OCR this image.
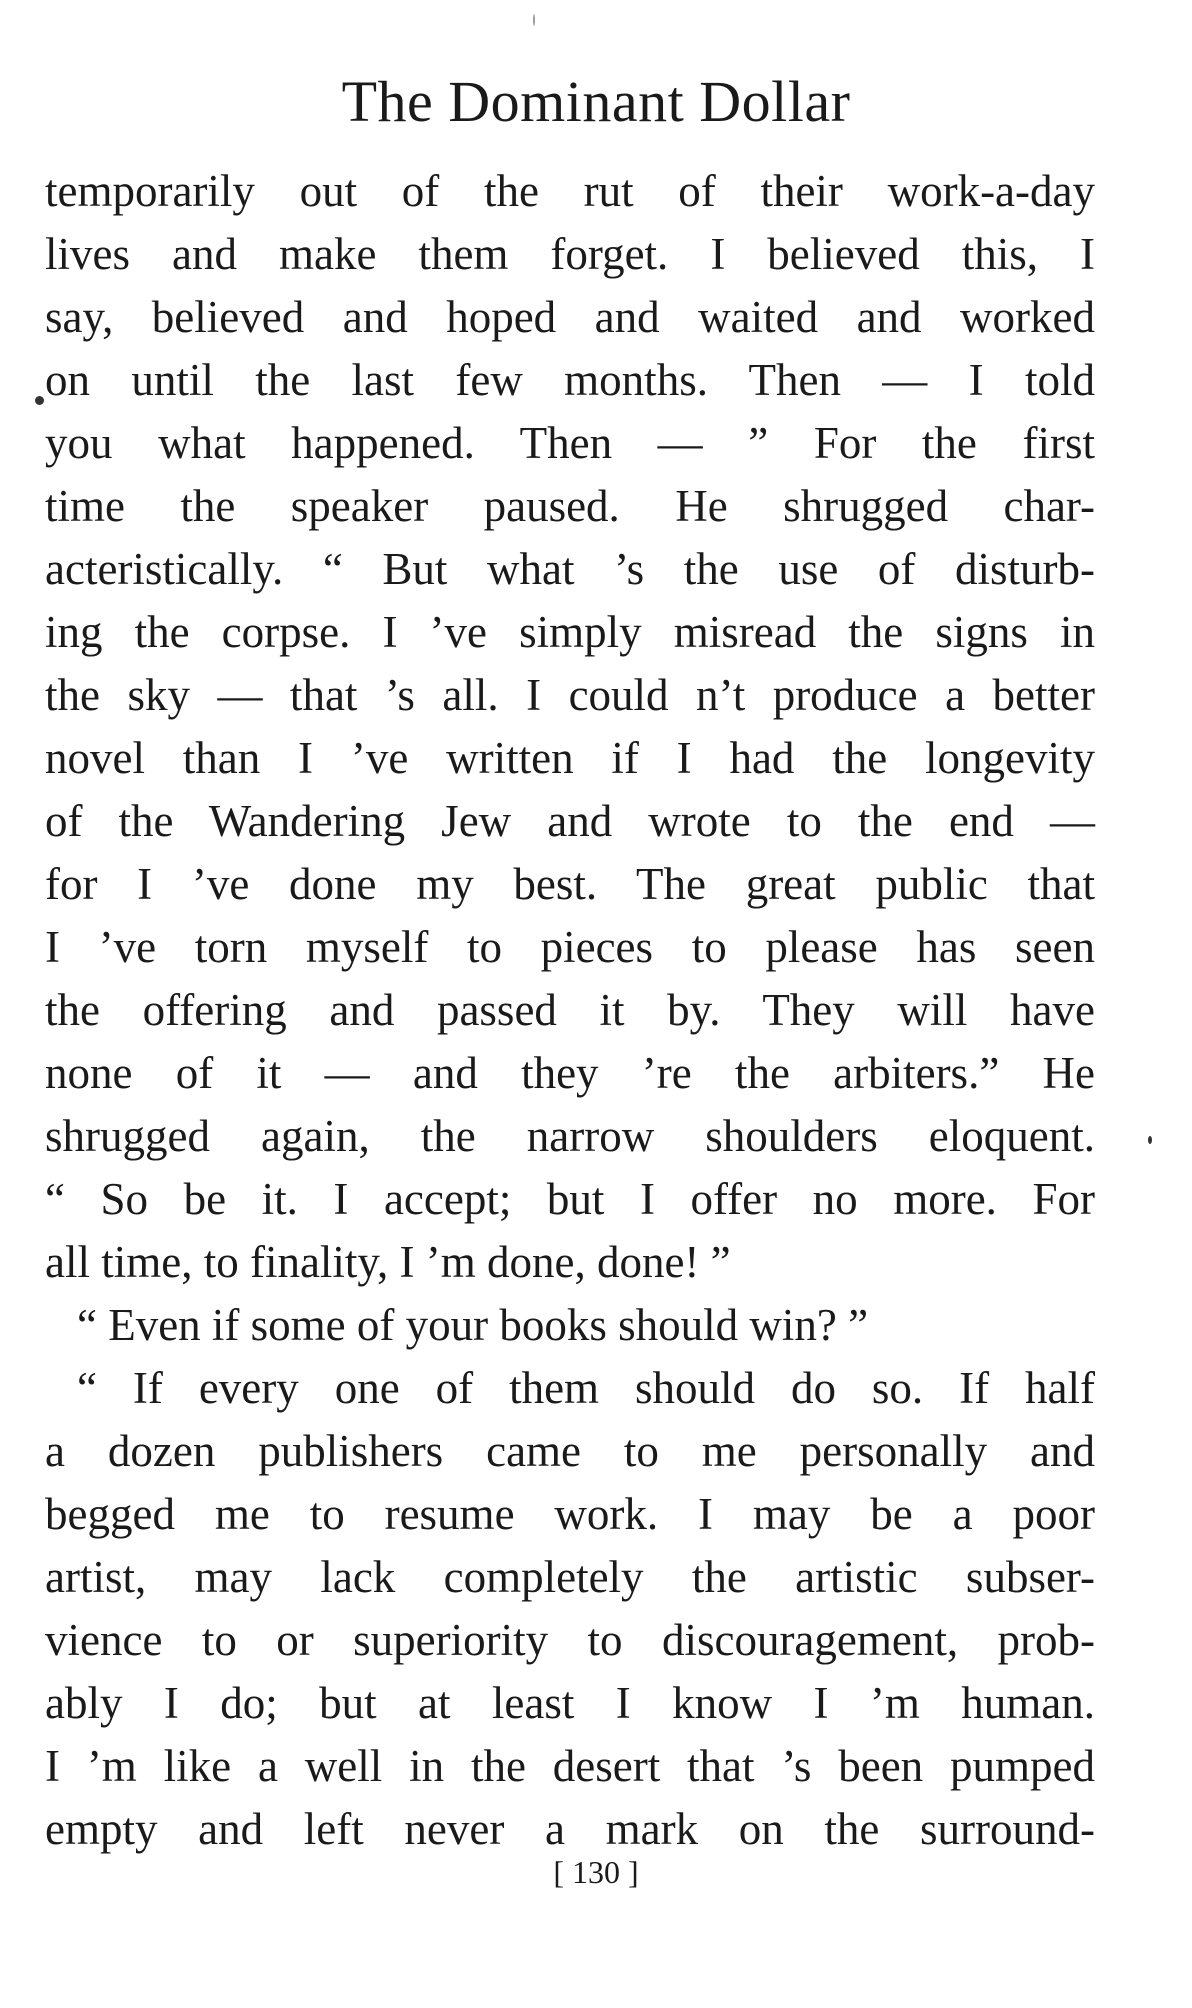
The Dominant Dollar
temporarily out of the rut of their work-a-day
lives and make them forget. I believed this, I
say, believed and hoped and waited and worked
on until the last few months. Then — I told
you what happened. Then — ” For the first
time the speaker paused. He shrugged char-
acteristically. “ But what ’s the use of disturb-
ing the corpse. I ’ve simply misread the signs in
the sky — that ’s all. I could n’t produce a better
novel than I ’ve written if I had the longevity
of the Wandering Jew and wrote to the end —
for I ’ve done my best. The great public that
I ’ve torn myself to pieces to please has seen
the offering and passed it by. They will have
none of it — and they ’re the arbiters.” He
shrugged again, the narrow shoulders eloquent.
“ So be it. I accept; but I offer no more. For
all time, to finality, I ’m done, done! ”
“ Even if some of your books should win? ”
“ If every one of them should do so. If half
a dozen publishers came to me personally and
begged me to resume work. I may be a poor
artist, may lack completely the artistic subser-
vience to or superiority to discouragement, prob-
ably I do; but at least I know I ’m human.
I ’m like a well in the desert that ’s been pumped
empty and left never a mark on the surround-
[ 130 ]
